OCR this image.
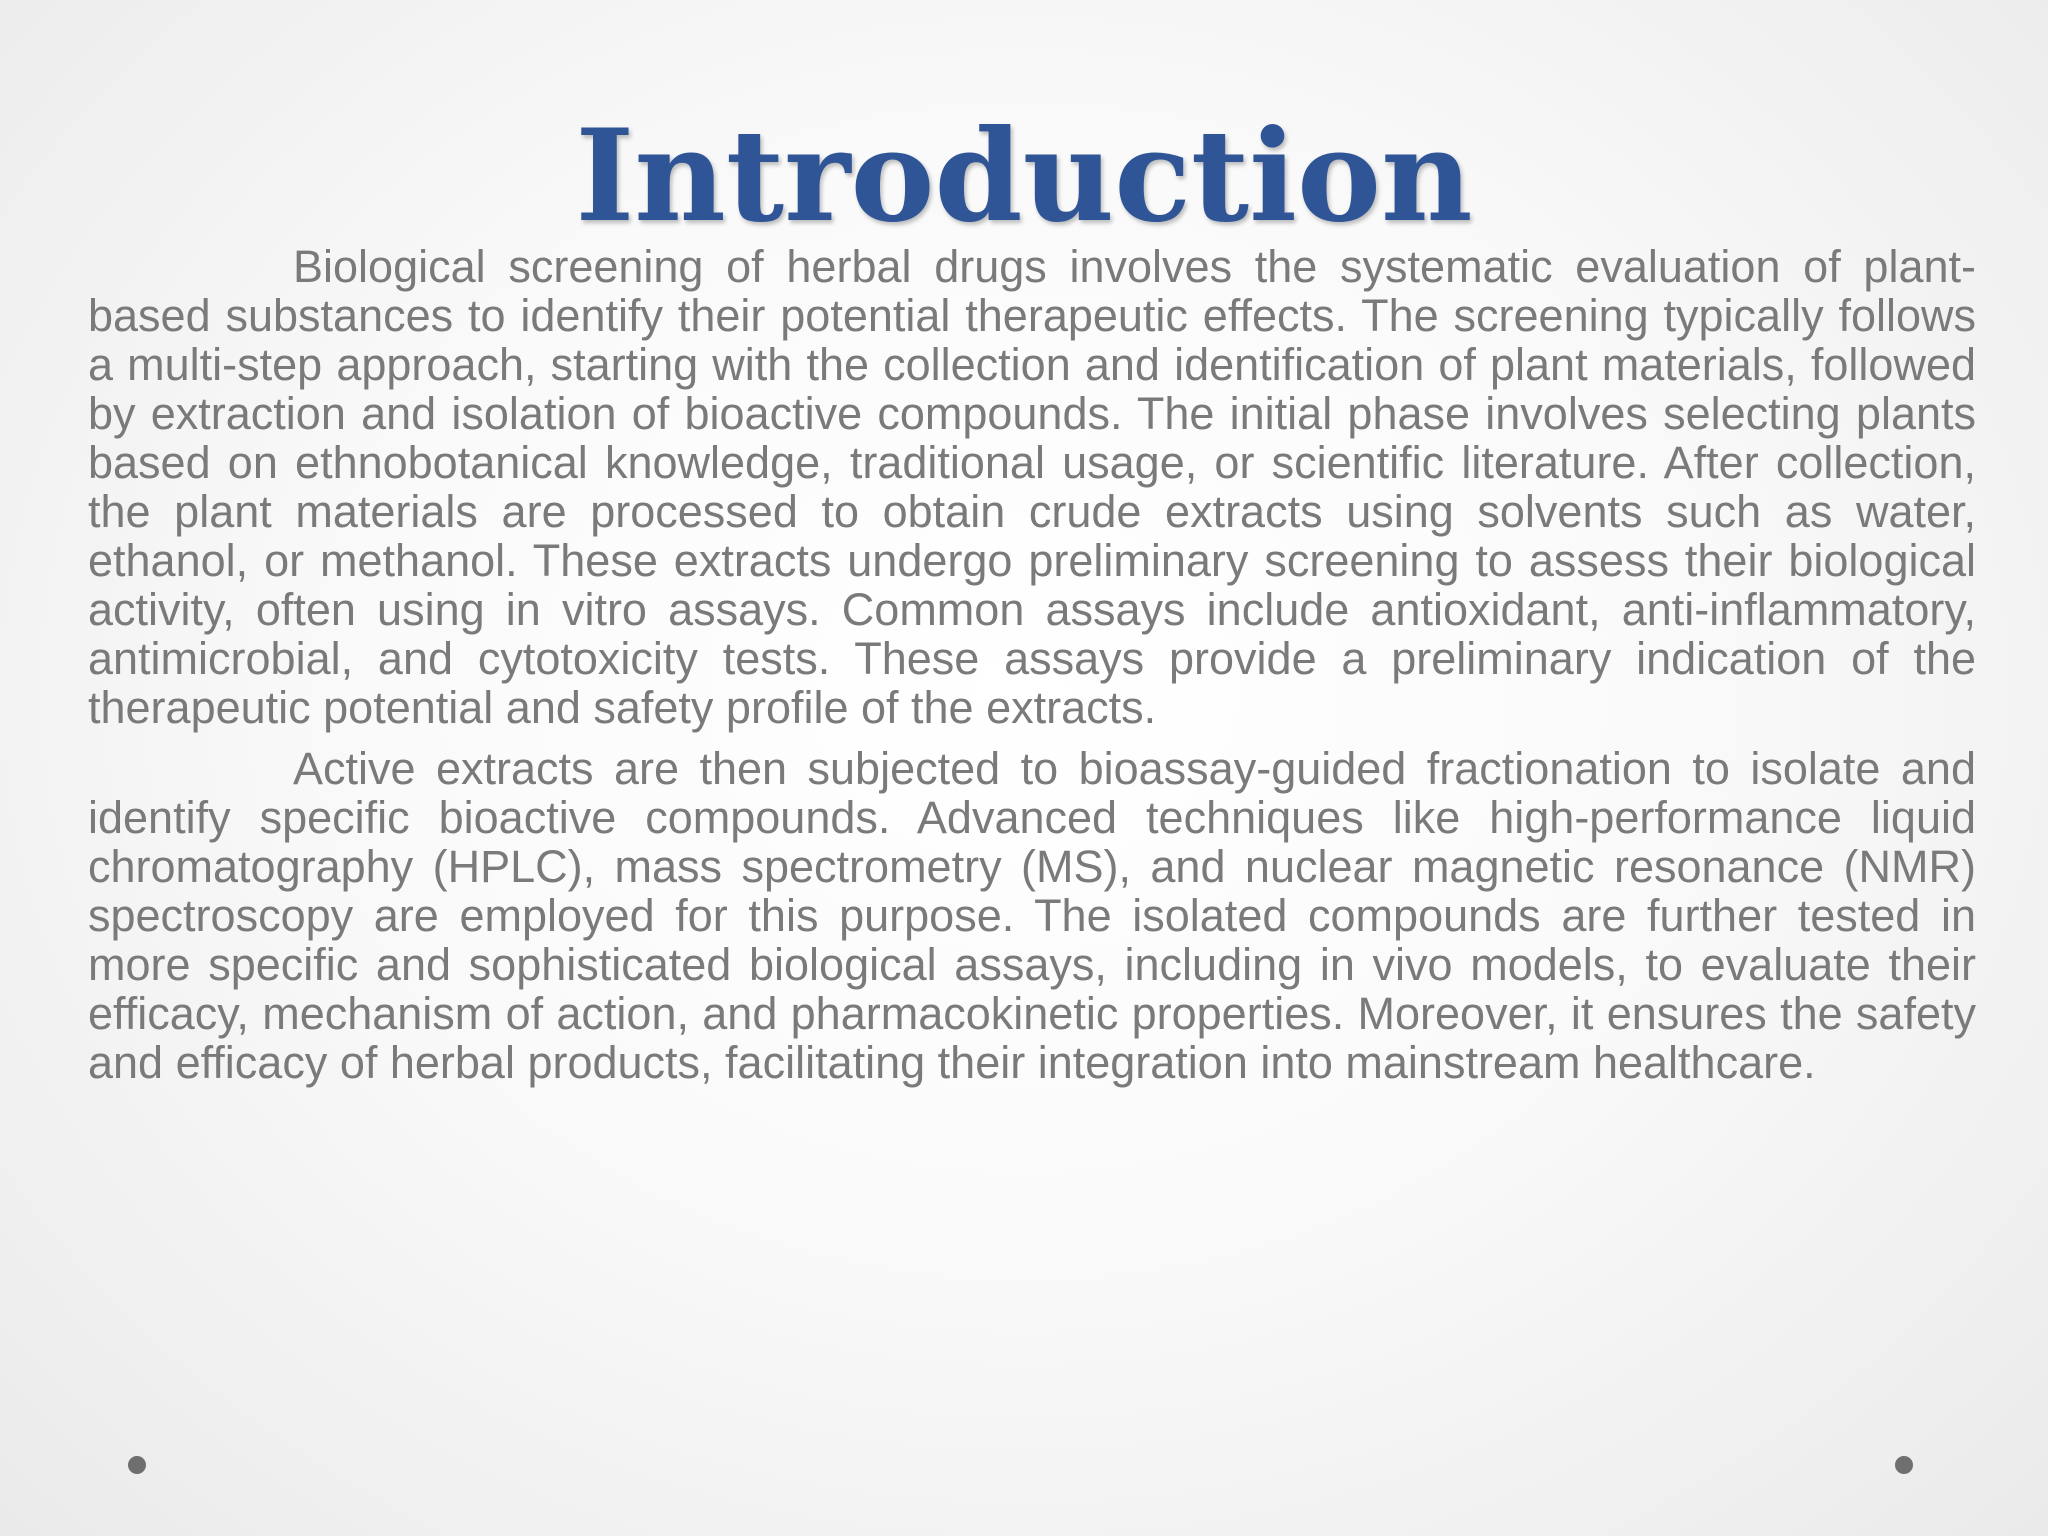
Introduction

Biological screening of herbal drugs involves the systematic evaluation of plant-based substances to identify their potential therapeutic effects. The screening typically follows a multi-step approach, starting with the collection and identification of plant materials, followed by extraction and isolation of bioactive compounds. The initial phase involves selecting plants based on ethnobotanical knowledge, traditional usage, or scientific literature. After collection, the plant materials are processed to obtain crude extracts using solvents such as water, ethanol, or methanol. These extracts undergo preliminary screening to assess their biological activity, often using in vitro assays. Common assays include antioxidant, anti-inflammatory, antimicrobial, and cytotoxicity tests. These assays provide a preliminary indication of the therapeutic potential and safety profile of the extracts.

Active extracts are then subjected to bioassay-guided fractionation to isolate and identify specific bioactive compounds. Advanced techniques like high-performance liquid chromatography (HPLC), mass spectrometry (MS), and nuclear magnetic resonance (NMR) spectroscopy are employed for this purpose. The isolated compounds are further tested in more specific and sophisticated biological assays, including in vivo models, to evaluate their efficacy, mechanism of action, and pharmacokinetic properties. Moreover, it ensures the safety and efficacy of herbal products, facilitating their integration into mainstream healthcare.
